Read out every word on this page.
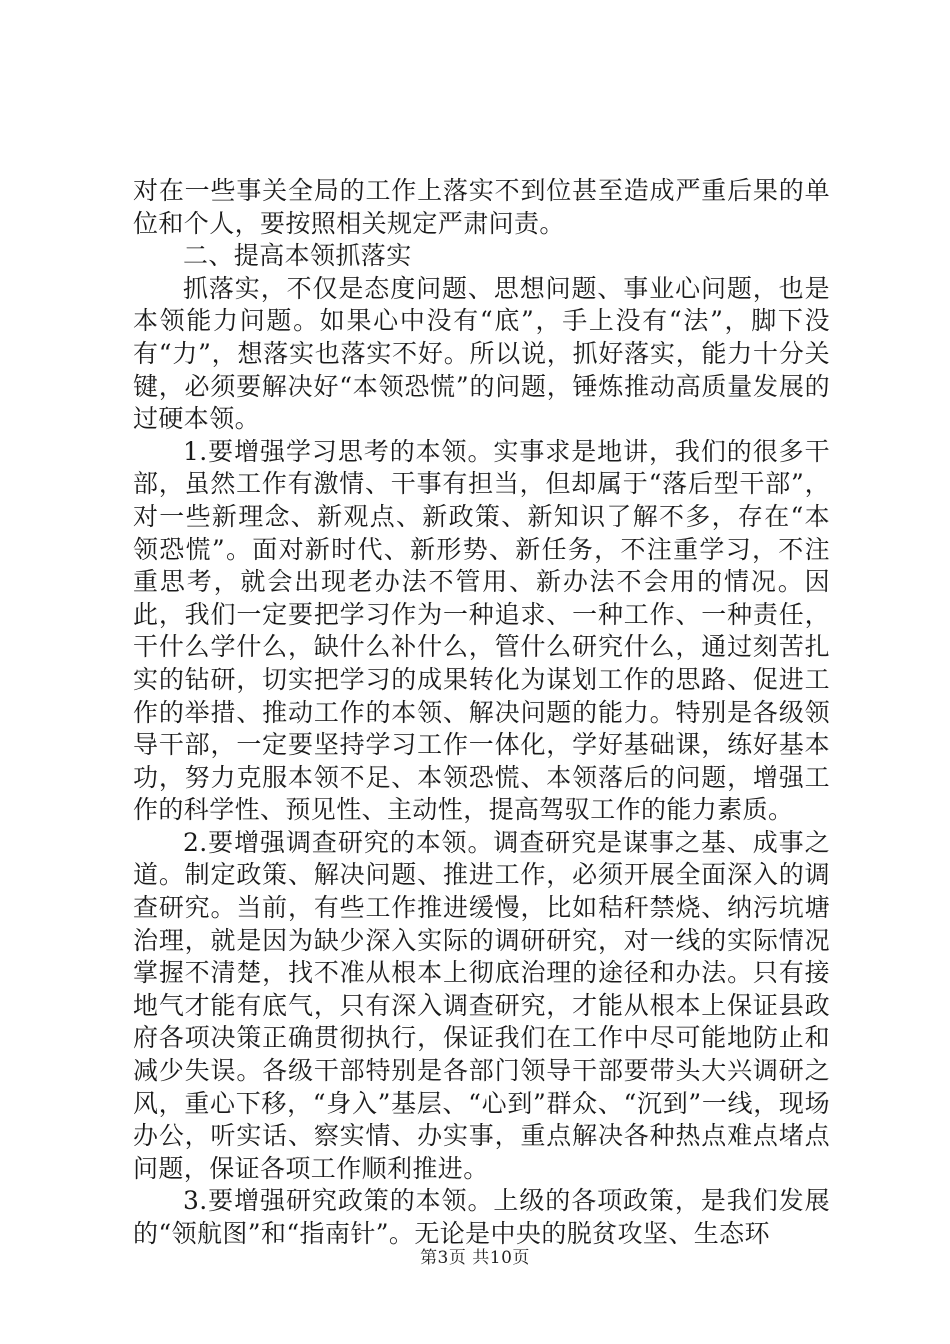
对在一些事关全局的工作上落实不到位甚至造成严重后果的单位和个人，要按照相关规定严肃问责。

二、提高本领抓落实

抓落实，不仅是态度问题、思想问题、事业心问题，也是本领能力问题。如果心中没有“底”，手上没有“法”，脚下没有“力”，想落实也落实不好。所以说，抓好落实，能力十分关键，必须要解决好“本领恐慌”的问题，锤炼推动高质量发展的过硬本领。

1.要增强学习思考的本领。实事求是地讲，我们的很多干部，虽然工作有激情、干事有担当，但却属于“落后型干部”，对一些新理念、新观点、新政策、新知识了解不多，存在“本领恐慌”。面对新时代、新形势、新任务，不注重学习，不注重思考，就会出现老办法不管用、新办法不会用的情况。因此，我们一定要把学习作为一种追求、一种工作、一种责任，干什么学什么，缺什么补什么，管什么研究什么，通过刻苦扎实的钻研，切实把学习的成果转化为谋划工作的思路、促进工作的举措、推动工作的本领、解决问题的能力。特别是各级领导干部，一定要坚持学习工作一体化，学好基础课，练好基本功，努力克服本领不足、本领恐慌、本领落后的问题，增强工作的科学性、预见性、主动性，提高驾驭工作的能力素质。

2.要增强调查研究的本领。调查研究是谋事之基、成事之道。制定政策、解决问题、推进工作，必须开展全面深入的调查研究。当前，有些工作推进缓慢，比如秸秆禁烧、纳污坑塘治理，就是因为缺少深入实际的调研研究，对一线的实际情况掌握不清楚，找不准从根本上彻底治理的途径和办法。只有接地气才能有底气，只有深入调查研究，才能从根本上保证县政府各项决策正确贯彻执行，保证我们在工作中尽可能地防止和减少失误。各级干部特别是各部门领导干部要带头大兴调研之风，重心下移，“身入”基层、“心到”群众、“沉到”一线，现场办公，听实话、察实情、办实事，重点解决各种热点难点堵点问题，保证各项工作顺利推进。

3.要增强研究政策的本领。上级的各项政策，是我们发展的“领航图”和“指南针”。无论是中央的脱贫攻坚、生态环

第3页 共10页
